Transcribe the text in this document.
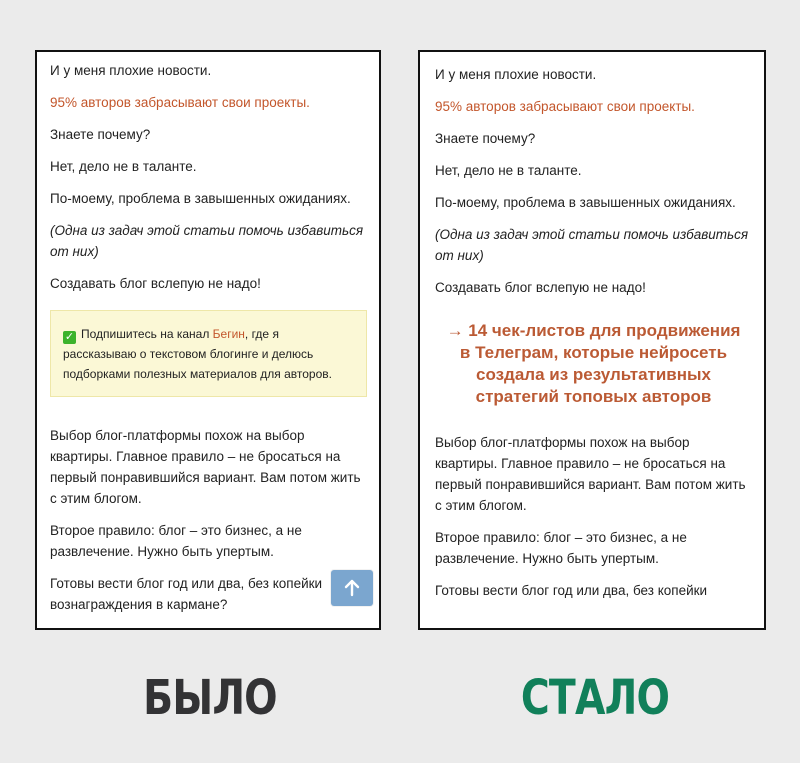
И у меня плохие новости.

95% авторов забрасывают свои проекты.

Знаете почему?

Нет, дело не в таланте.

По-моему, проблема в завышенных ожиданиях.

(Одна из задач этой статьи помочь избавиться от них)

Создавать блог вслепую не надо!

✓ Подпишитесь на канал Бегин, где я рассказываю о текстовом блогинге и делюсь подборками полезных материалов для авторов.

Выбор блог-платформы похож на выбор квартиры. Главное правило – не бросаться на первый понравившийся вариант. Вам потом жить с этим блогом.

Второе правило: блог – это бизнес, а не развлечение. Нужно быть упертым.

Готовы вести блог год или два, без копейки вознаграждения в кармане?

И у меня плохие новости.

95% авторов забрасывают свои проекты.

Знаете почему?

Нет, дело не в таланте.

По-моему, проблема в завышенных ожиданиях.

(Одна из задач этой статьи помочь избавиться от них)

Создавать блог вслепую не надо!

→ 14 чек-листов для продвижения в Телеграм, которые нейросеть создала из результативных стратегий топовых авторов

Выбор блог-платформы похож на выбор квартиры. Главное правило – не бросаться на первый понравившийся вариант. Вам потом жить с этим блогом.

Второе правило: блог – это бизнес, а не развлечение. Нужно быть упертым.

Готовы вести блог год или два, без копейки

БЫЛО	СТАЛО
